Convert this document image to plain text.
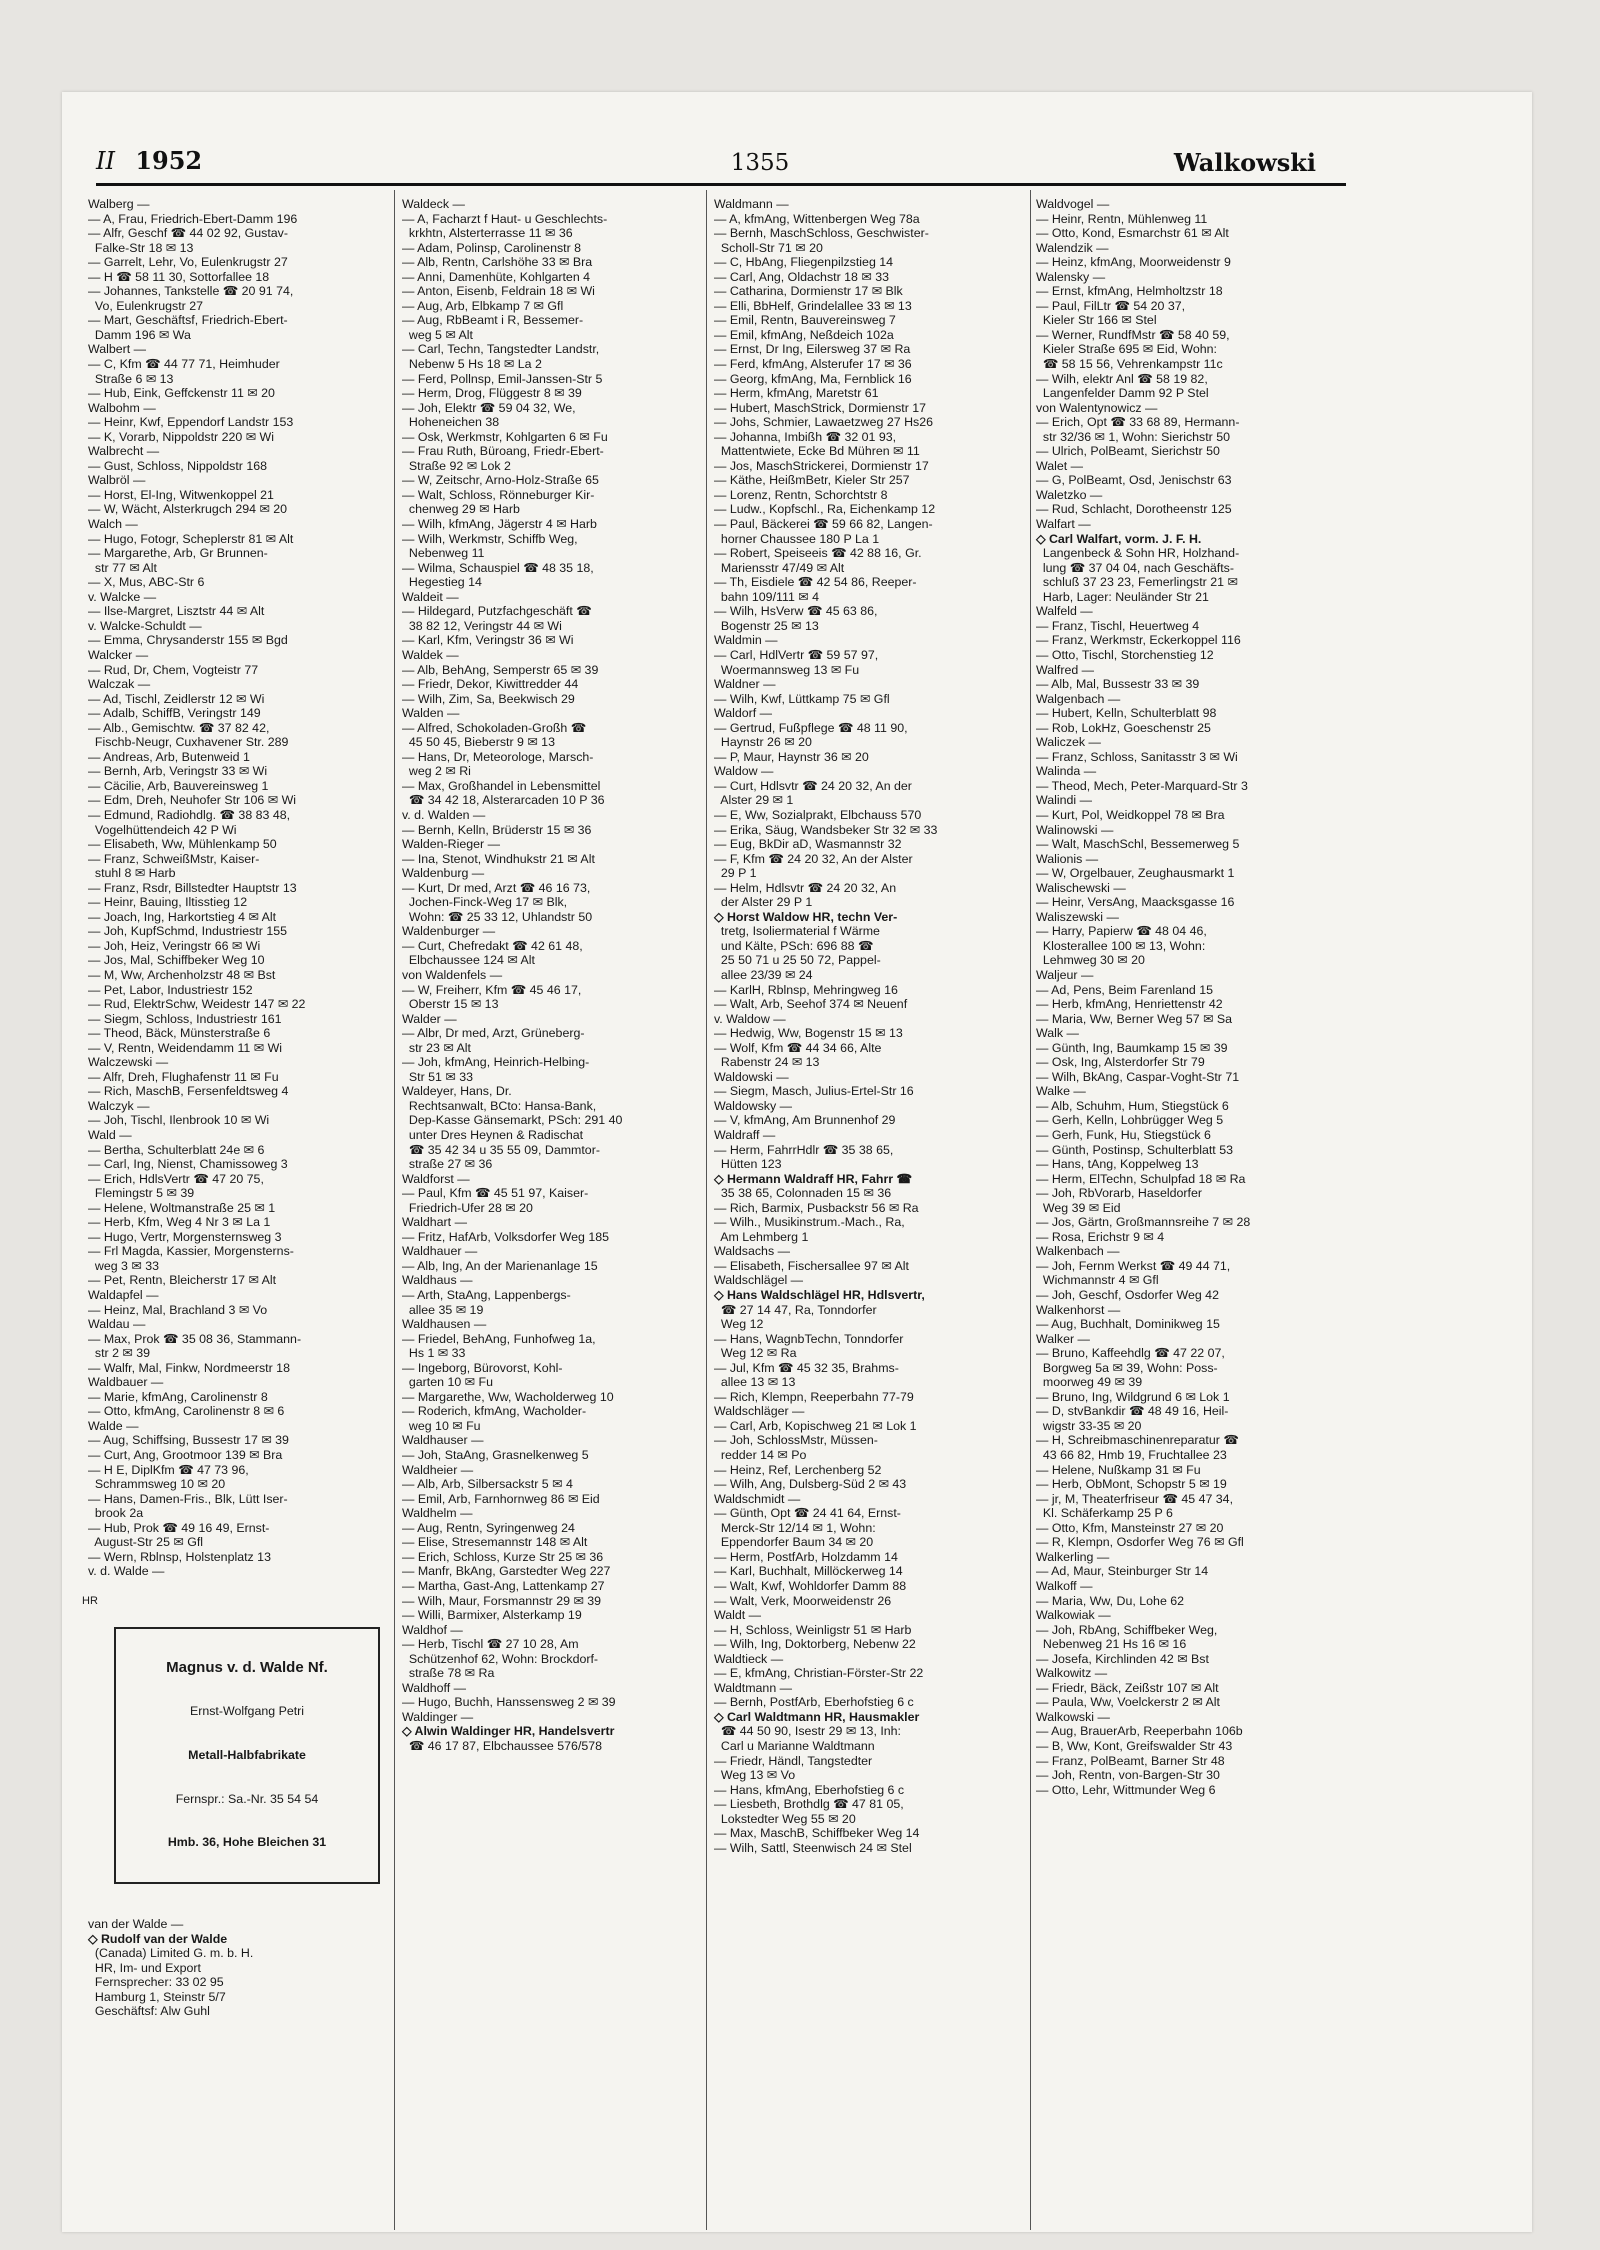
II 1952	1355	Walkowski
Walberg —
— A, Frau, Friedrich-Ebert-Damm 196
— Alfr, Geschf ☎ 44 02 92, Gustav-
Falke-Str 18 ✉ 13
— Garrelt, Lehr, Vo, Eulenkrugstr 27
— H ☎ 58 11 30, Sottorfallee 18
— Johannes, Tankstelle ☎ 20 91 74,
Vo, Eulenkrugstr 27
— Mart, Geschäftsf, Friedrich-Ebert-
Damm 196 ✉ Wa
Walbert —
— C, Kfm ☎ 44 77 71, Heimhuder
Straße 6 ✉ 13
— Hub, Eink, Geffckenstr 11 ✉ 20
Walbohm —
— Heinr, Kwf, Eppendorf Landstr 153
— K, Vorarb, Nippoldstr 220 ✉ Wi
Walbrecht —
— Gust, Schloss, Nippoldstr 168
Walbröl —
— Horst, El-Ing, Witwenkoppel 21
— W, Wächt, Alsterkrugch 294 ✉ 20
Walch —
— Hugo, Fotogr, Scheplerstr 81 ✉ Alt
— Margarethe, Arb, Gr Brunnen-
str 77 ✉ Alt
— X, Mus, ABC-Str 6
v. Walcke —
— Ilse-Margret, Lisztstr 44 ✉ Alt
v. Walcke-Schuldt —
— Emma, Chrysanderstr 155 ✉ Bgd
Walcker —
— Rud, Dr, Chem, Vogteistr 77
Walczak —
— Ad, Tischl, Zeidlerstr 12 ✉ Wi
— Adalb, SchiffB, Veringstr 149
— Alb., Gemischtw. ☎ 37 82 42,
Fischb-Neugr, Cuxhavener Str. 289
— Andreas, Arb, Butenweid 1
— Bernh, Arb, Veringstr 33 ✉ Wi
— Cäcilie, Arb, Bauvereinsweg 1
— Edm, Dreh, Neuhofer Str 106 ✉ Wi
— Edmund, Radiohdlg. ☎ 38 83 48,
Vogelhüttendeich 42 P Wi
— Elisabeth, Ww, Mühlenkamp 50
— Franz, SchweißMstr, Kaiser-
stuhl 8 ✉ Harb
— Franz, Rsdr, Billstedter Hauptstr 13
— Heinr, Bauing, Iltisstieg 12
— Joach, Ing, Harkortstieg 4 ✉ Alt
— Joh, KupfSchmd, Industriestr 155
— Joh, Heiz, Veringstr 66 ✉ Wi
— Jos, Mal, Schiffbeker Weg 10
— M, Ww, Archenholzstr 48 ✉ Bst
— Pet, Labor, Industriestr 152
— Rud, ElektrSchw, Weidestr 147 ✉ 22
— Siegm, Schloss, Industriestr 161
— Theod, Bäck, Münsterstraße 6
— V, Rentn, Weidendamm 11 ✉ Wi
Walczewski —
— Alfr, Dreh, Flughafenstr 11 ✉ Fu
— Rich, MaschB, Fersenfeldtsweg 4
Walczyk —
— Joh, Tischl, Ilenbrook 10 ✉ Wi
Wald —
— Bertha, Schulterblatt 24e ✉ 6
— Carl, Ing, Nienst, Chamissoweg 3
— Erich, HdlsVertr ☎ 47 20 75,
Flemingstr 5 ✉ 39
— Helene, Woltmanstraße 25 ✉ 1
— Herb, Kfm, Weg 4 Nr 3 ✉ La 1
— Hugo, Vertr, Morgensternsweg 3
— Frl Magda, Kassier, Morgensterns-
weg 3 ✉ 33
— Pet, Rentn, Bleicherstr 17 ✉ Alt
Waldapfel —
— Heinz, Mal, Brachland 3 ✉ Vo
Waldau —
— Max, Prok ☎ 35 08 36, Stammann-
str 2 ✉ 39
— Walfr, Mal, Finkw, Nordmeerstr 18
Waldbauer —
— Marie, kfmAng, Carolinenstr 8
— Otto, kfmAng, Carolinenstr 8 ✉ 6
Walde —
— Aug, Schiffsing, Bussestr 17 ✉ 39
— Curt, Ang, Grootmoor 139 ✉ Bra
— H E, DiplKfm ☎ 47 73 96,
Schrammsweg 10 ✉ 20
— Hans, Damen-Fris., Blk, Lütt Iser-
brook 2a
— Hub, Prok ☎ 49 16 49, Ernst-
August-Str 25 ✉ Gfl
— Wern, Rblnsp, Holstenplatz 13
v. d. Walde —

HR

Magnus v. d. Walde Nf.

Ernst-Wolfgang Petri

Metall-Halbfabrikate

Fernspr.: Sa.-Nr. 35 54 54

Hmb. 36, Hohe Bleichen 31

van der Walde —
◇ Rudolf van der Walde
(Canada) Limited G. m. b. H.
HR, Im- und Export
Fernsprecher: 33 02 95
Hamburg 1, Steinstr 5/7
Geschäftsf: Alw Guhl
Waldeck —
— A, Facharzt f Haut- u Geschlechts-
krkhtn, Alsterterrasse 11 ✉ 36
— Adam, Polinsp, Carolinenstr 8
— Alb, Rentn, Carlshöhe 33 ✉ Bra
— Anni, Damenhüte, Kohlgarten 4
— Anton, Eisenb, Feldrain 18 ✉ Wi
— Aug, Arb, Elbkamp 7 ✉ Gfl
— Aug, RbBeamt i R, Bessemer-
weg 5 ✉ Alt
— Carl, Techn, Tangstedter Landstr,
Nebenw 5 Hs 18 ✉ La 2
— Ferd, Pollnsp, Emil-Janssen-Str 5
— Herm, Drog, Flüggestr 8 ✉ 39
— Joh, Elektr ☎ 59 04 32, We,
Hoheneichen 38
— Osk, Werkmstr, Kohlgarten 6 ✉ Fu
— Frau Ruth, Büroang, Friedr-Ebert-
Straße 92 ✉ Lok 2
— W, Zeitschr, Arno-Holz-Straße 65
— Walt, Schloss, Rönneburger Kir-
chenweg 29 ✉ Harb
— Wilh, kfmAng, Jägerstr 4 ✉ Harb
— Wilh, Werkmstr, Schiffb Weg,
Nebenweg 11
— Wilma, Schauspiel ☎ 48 35 18,
Hegestieg 14
Waldeit —
— Hildegard, Putzfachgeschäft ☎
38 82 12, Veringstr 44 ✉ Wi
— Karl, Kfm, Veringstr 36 ✉ Wi
Waldek —
— Alb, BehAng, Semperstr 65 ✉ 39
— Friedr, Dekor, Kiwittredder 44
— Wilh, Zim, Sa, Beekwisch 29
Walden —
— Alfred, Schokoladen-Großh ☎
45 50 45, Bieberstr 9 ✉ 13
— Hans, Dr, Meteorologe, Marsch-
weg 2 ✉ Ri
— Max, Großhandel in Lebensmittel
☎ 34 42 18, Alsterarcaden 10 P 36
v. d. Walden —
— Bernh, Kelln, Brüderstr 15 ✉ 36
Walden-Rieger —
— Ina, Stenot, Windhukstr 21 ✉ Alt
Waldenburg —
— Kurt, Dr med, Arzt ☎ 46 16 73,
Jochen-Finck-Weg 17 ✉ Blk,
Wohn: ☎ 25 33 12, Uhlandstr 50
Waldenburger —
— Curt, Chefredakt ☎ 42 61 48,
Elbchaussee 124 ✉ Alt
von Waldenfels —
— W, Freiherr, Kfm ☎ 45 46 17,
Oberstr 15 ✉ 13
Walder —
— Albr, Dr med, Arzt, Grüneberg-
str 23 ✉ Alt
— Joh, kfmAng, Heinrich-Helbing-
Str 51 ✉ 33
Waldeyer, Hans, Dr.
Rechtsanwalt, BCto: Hansa-Bank,
Dep-Kasse Gänsemarkt, PSch: 291 40
unter Dres Heynen & Radischat
☎ 35 42 34 u 35 55 09, Dammtor-
straße 27 ✉ 36
Waldforst —
— Paul, Kfm ☎ 45 51 97, Kaiser-
Friedrich-Ufer 28 ✉ 20
Waldhart —
— Fritz, HafArb, Volksdorfer Weg 185
Waldhauer —
— Alb, Ing, An der Marienanlage 15
Waldhaus —
— Arth, StaAng, Lappenbergs-
allee 35 ✉ 19
Waldhausen —
— Friedel, BehAng, Funhofweg 1a,
Hs 1 ✉ 33
— Ingeborg, Bürovorst, Kohl-
garten 10 ✉ Fu
— Margarethe, Ww, Wacholderweg 10
— Roderich, kfmAng, Wacholder-
weg 10 ✉ Fu
Waldhauser —
— Joh, StaAng, Grasnelkenweg 5
Waldheier —
— Alb, Arb, Silbersackstr 5 ✉ 4
— Emil, Arb, Farnhornweg 86 ✉ Eid
Waldhelm —
— Aug, Rentn, Syringenweg 24
— Elise, Stresemannstr 148 ✉ Alt
— Erich, Schloss, Kurze Str 25 ✉ 36
— Manfr, BkAng, Garstedter Weg 227
— Martha, Gast-Ang, Lattenkamp 27
— Wilh, Maur, Forsmannstr 29 ✉ 39
— Willi, Barmixer, Alsterkamp 19
Waldhof —
— Herb, Tischl ☎ 27 10 28, Am
Schützenhof 62, Wohn: Brockdorf-
straße 78 ✉ Ra
Waldhoff —
— Hugo, Buchh, Hanssensweg 2 ✉ 39
Waldinger —
◇ Alwin Waldinger HR, Handelsvertr
☎ 46 17 87, Elbchaussee 576/578
Waldmann —
— A, kfmAng, Wittenbergen Weg 78a
— Bernh, MaschSchloss, Geschwister-
Scholl-Str 71 ✉ 20
— C, HbAng, Fliegenpilzstieg 14
— Carl, Ang, Oldachstr 18 ✉ 33
— Catharina, Dormienstr 17 ✉ Blk
— Elli, BbHelf, Grindelallee 33 ✉ 13
— Emil, Rentn, Bauvereinsweg 7
— Emil, kfmAng, Neßdeich 102a
— Ernst, Dr Ing, Eilersweg 37 ✉ Ra
— Ferd, kfmAng, Alsterufer 17 ✉ 36
— Georg, kfmAng, Ma, Fernblick 16
— Herm, kfmAng, Maretstr 61
— Hubert, MaschStrick, Dormienstr 17
— Johs, Schmier, Lawaetzweg 27 Hs26
— Johanna, Imbißh ☎ 32 01 93,
Mattentwiete, Ecke Bd Mühren ✉ 11
— Jos, MaschStrickerei, Dormienstr 17
— Käthe, HeißmBetr, Kieler Str 257
— Lorenz, Rentn, Schorchtstr 8
— Ludw., Kopfschl., Ra, Eichenkamp 12
— Paul, Bäckerei ☎ 59 66 82, Langen-
horner Chaussee 180 P La 1
— Robert, Speiseeis ☎ 42 88 16, Gr.
Mariensstr 47/49 ✉ Alt
— Th, Eisdiele ☎ 42 54 86, Reeper-
bahn 109/111 ✉ 4
— Wilh, HsVerw ☎ 45 63 86,
Bogenstr 25 ✉ 13
Waldmin —
— Carl, HdlVertr ☎ 59 57 97,
Woermannsweg 13 ✉ Fu
Waldner —
— Wilh, Kwf, Lüttkamp 75 ✉ Gfl
Waldorf —
— Gertrud, Fußpflege ☎ 48 11 90,
Haynstr 26 ✉ 20
— P, Maur, Haynstr 36 ✉ 20
Waldow —
— Curt, Hdlsvtr ☎ 24 20 32, An der
Alster 29 ✉ 1
— E, Ww, Sozialprakt, Elbchauss 570
— Erika, Säug, Wandsbeker Str 32 ✉ 33
— Eug, BkDir aD, Wasmannstr 32
— F, Kfm ☎ 24 20 32, An der Alster
29 P 1
— Helm, Hdlsvtr ☎ 24 20 32, An
der Alster 29 P 1
◇ Horst Waldow HR, techn Ver-
tretg, Isoliermaterial f Wärme
und Kälte, PSch: 696 88 ☎
25 50 71 u 25 50 72, Pappel-
allee 23/39 ✉ 24
— KarlH, Rblnsp, Mehringweg 16
— Walt, Arb, Seehof 374 ✉ Neuenf
v. Waldow —
— Hedwig, Ww, Bogenstr 15 ✉ 13
— Wolf, Kfm ☎ 44 34 66, Alte
Rabenstr 24 ✉ 13
Waldowski —
— Siegm, Masch, Julius-Ertel-Str 16
Waldowsky —
— V, kfmAng, Am Brunnenhof 29
Waldraff —
— Herm, FahrrHdlr ☎ 35 38 65,
Hütten 123
◇ Hermann Waldraff HR, Fahrr ☎
35 38 65, Colonnaden 15 ✉ 36
— Rich, Barmix, Pusbackstr 56 ✉ Ra
— Wilh., Musikinstrum.-Mach., Ra,
Am Lehmberg 1
Waldsachs —
— Elisabeth, Fischersallee 97 ✉ Alt
Waldschlägel —
◇ Hans Waldschlägel HR, Hdlsvertr,
☎ 27 14 47, Ra, Tonndorfer
Weg 12
— Hans, WagnbTechn, Tonndorfer
Weg 12 ✉ Ra
— Jul, Kfm ☎ 45 32 35, Brahms-
allee 13 ✉ 13
— Rich, Klempn, Reeperbahn 77-79
Waldschläger —
— Carl, Arb, Kopischweg 21 ✉ Lok 1
— Joh, SchlossMstr, Müssen-
redder 14 ✉ Po
— Heinz, Ref, Lerchenberg 52
— Wilh, Ang, Dulsberg-Süd 2 ✉ 43
Waldschmidt —
— Günth, Opt ☎ 24 41 64, Ernst-
Merck-Str 12/14 ✉ 1, Wohn:
Eppendorfer Baum 34 ✉ 20
— Herm, PostfArb, Holzdamm 14
— Karl, Buchhalt, Millöckerweg 14
— Walt, Kwf, Wohldorfer Damm 88
— Walt, Verk, Moorweidenstr 26
Waldt —
— H, Schloss, Weinligstr 51 ✉ Harb
— Wilh, Ing, Doktorberg, Nebenw 22
Waldtieck —
— E, kfmAng, Christian-Förster-Str 22
Waldtmann —
— Bernh, PostfArb, Eberhofstieg 6 c
◇ Carl Waldtmann HR, Hausmakler
☎ 44 50 90, Isestr 29 ✉ 13, Inh:
Carl u Marianne Waldtmann
— Friedr, Händl, Tangstedter
Weg 13 ✉ Vo
— Hans, kfmAng, Eberhofstieg 6 c
— Liesbeth, Brothdlg ☎ 47 81 05,
Lokstedter Weg 55 ✉ 20
— Max, MaschB, Schiffbeker Weg 14
— Wilh, Sattl, Steenwisch 24 ✉ Stel
Waldvogel —
— Heinr, Rentn, Mühlenweg 11
— Otto, Kond, Esmarchstr 61 ✉ Alt
Walendzik —
— Heinz, kfmAng, Moorweidenstr 9
Walensky —
— Ernst, kfmAng, Helmholtzstr 18
— Paul, FilLtr ☎ 54 20 37,
Kieler Str 166 ✉ Stel
— Werner, RundfMstr ☎ 58 40 59,
Kieler Straße 695 ✉ Eid, Wohn:
☎ 58 15 56, Vehrenkampstr 11c
— Wilh, elektr Anl ☎ 58 19 82,
Langenfelder Damm 92 P Stel
von Walentynowicz —
— Erich, Opt ☎ 33 68 89, Hermann-
str 32/36 ✉ 1, Wohn: Sierichstr 50
— Ulrich, PolBeamt, Sierichstr 50
Walet —
— G, PolBeamt, Osd, Jenischstr 63
Waletzko —
— Rud, Schlacht, Dorotheenstr 125
Walfart —
◇ Carl Walfart, vorm. J. F. H.
Langenbeck & Sohn HR, Holzhand-
lung ☎ 37 04 04, nach Geschäfts-
schluß 37 23 23, Femerlingstr 21 ✉
Harb, Lager: Neuländer Str 21
Walfeld —
— Franz, Tischl, Heuertweg 4
— Franz, Werkmstr, Eckerkoppel 116
— Otto, Tischl, Storchenstieg 12
Walfred —
— Alb, Mal, Bussestr 33 ✉ 39
Walgenbach —
— Hubert, Kelln, Schulterblatt 98
— Rob, LokHz, Goeschenstr 25
Waliczek —
— Franz, Schloss, Sanitasstr 3 ✉ Wi
Walinda —
— Theod, Mech, Peter-Marquard-Str 3
Walindi —
— Kurt, Pol, Weidkoppel 78 ✉ Bra
Walinowski —
— Walt, MaschSchl, Bessemerweg 5
Walionis —
— W, Orgelbauer, Zeughausmarkt 1
Walischewski —
— Heinr, VersAng, Maacksgasse 16
Waliszewski —
— Harry, Papierw ☎ 48 04 46,
Klosterallee 100 ✉ 13, Wohn:
Lehmweg 30 ✉ 20
Waljeur —
— Ad, Pens, Beim Farenland 15
— Herb, kfmAng, Henriettenstr 42
— Maria, Ww, Berner Weg 57 ✉ Sa
Walk —
— Günth, Ing, Baumkamp 15 ✉ 39
— Osk, Ing, Alsterdorfer Str 79
— Wilh, BkAng, Caspar-Voght-Str 71
Walke —
— Alb, Schuhm, Hum, Stiegstück 6
— Gerh, Kelln, Lohbrügger Weg 5
— Gerh, Funk, Hu, Stiegstück 6
— Günth, Postinsp, Schulterblatt 53
— Hans, tAng, Koppelweg 13
— Herm, ElTechn, Schulpfad 18 ✉ Ra
— Joh, RbVorarb, Haseldorfer
Weg 39 ✉ Eid
— Jos, Gärtn, Großmannsreihe 7 ✉ 28
— Rosa, Erichstr 9 ✉ 4
Walkenbach —
— Joh, Fernm Werkst ☎ 49 44 71,
Wichmannstr 4 ✉ Gfl
— Joh, Geschf, Osdorfer Weg 42
Walkenhorst —
— Aug, Buchhalt, Dominikweg 15
Walker —
— Bruno, Kaffeehdlg ☎ 47 22 07,
Borgweg 5a ✉ 39, Wohn: Poss-
moorweg 49 ✉ 39
— Bruno, Ing, Wildgrund 6 ✉ Lok 1
— D, stvBankdir ☎ 48 49 16, Heil-
wigstr 33-35 ✉ 20
— H, Schreibmaschinenreparatur ☎
43 66 82, Hmb 19, Fruchtallee 23
— Helene, Nußkamp 31 ✉ Fu
— Herb, ObMont, Schopstr 5 ✉ 19
— jr, M, Theaterfriseur ☎ 45 47 34,
Kl. Schäferkamp 25 P 6
— Otto, Kfm, Mansteinstr 27 ✉ 20
— R, Klempn, Osdorfer Weg 76 ✉ Gfl
Walkerling —
— Ad, Maur, Steinburger Str 14
Walkoff —
— Maria, Ww, Du, Lohe 62
Walkowiak —
— Joh, RbAng, Schiffbeker Weg,
Nebenweg 21 Hs 16 ✉ 16
— Josefa, Kirchlinden 42 ✉ Bst
Walkowitz —
— Friedr, Bäck, Zeißstr 107 ✉ Alt
— Paula, Ww, Voelckerstr 2 ✉ Alt
Walkowski —
— Aug, BrauerArb, Reeperbahn 106b
— B, Ww, Kont, Greifswalder Str 43
— Franz, PolBeamt, Barner Str 48
— Joh, Rentn, von-Bargen-Str 30
— Otto, Lehr, Wittmunder Weg 6
